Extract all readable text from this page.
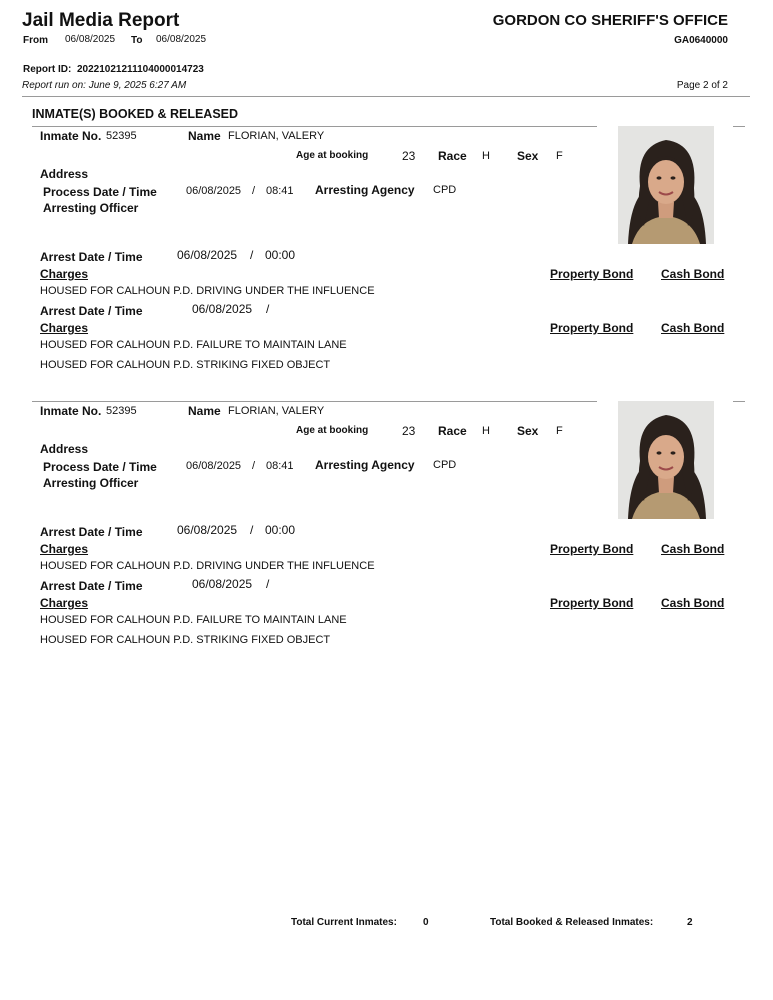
Jail Media Report
From 06/08/2025 To 06/08/2025
GORDON CO SHERIFF'S OFFICE
GA0640000
Report ID: 20221021211104000014723
Report run on: June 9, 2025 6:27 AM	Page 2 of 2
INMATE(S) BOOKED & RELEASED
Inmate No. 52395	Name FLORIAN, VALERY
Age at booking	23 Race H Sex F
Address
Process Date / Time	06/08/2025 / 08:41 Arresting Agency CPD
Arresting Officer
Arrest Date / Time	06/08/2025 / 00:00
Charges	Property Bond Cash Bond
HOUSED FOR CALHOUN P.D. DRIVING UNDER THE INFLUENCE
Arrest Date / Time	06/08/2025 /
Charges	Property Bond Cash Bond
HOUSED FOR CALHOUN P.D. FAILURE TO MAINTAIN LANE
HOUSED FOR CALHOUN P.D. STRIKING FIXED OBJECT
Inmate No. 52395	Name FLORIAN, VALERY
Age at booking	23 Race H Sex F
Address
Process Date / Time	06/08/2025 / 08:41 Arresting Agency CPD
Arresting Officer
Arrest Date / Time	06/08/2025 / 00:00
Charges	Property Bond Cash Bond
HOUSED FOR CALHOUN P.D. DRIVING UNDER THE INFLUENCE
Arrest Date / Time	06/08/2025 /
Charges	Property Bond Cash Bond
HOUSED FOR CALHOUN P.D. FAILURE TO MAINTAIN LANE
HOUSED FOR CALHOUN P.D. STRIKING FIXED OBJECT
Total Current Inmates:	0	Total Booked & Released Inmates:	2
